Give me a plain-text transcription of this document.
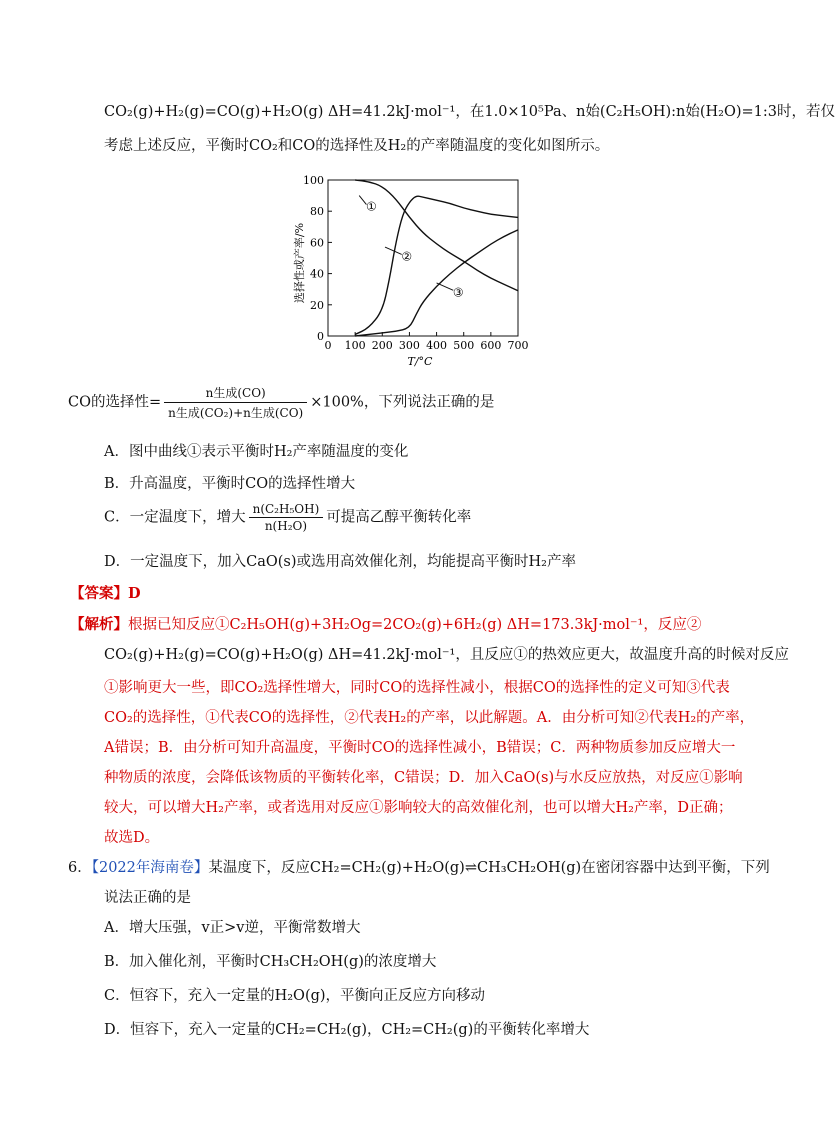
CO₂(g)+H₂(g)=CO(g)+H₂O(g) ΔH=41.2kJ·mol⁻¹，在1.0×10⁵Pa、n始(C₂H₅OH):n始(H₂O)=1:3时，若仅
考虑上述反应，平衡时CO₂和CO的选择性及H₂的产率随温度的变化如图所示。
0 100 200 300 400 500 600 700
0
20
40
60
80
100
①
②
③
T/°C
选择性或产率/%
CO的选择性= $\frac{\text{n生成(CO)}}{\text{n生成(CO₂)+n生成(CO)}} \times 100\%$，下列说法正确的是
A．图中曲线①表示平衡时H₂产率随温度的变化
B．升高温度，平衡时CO的选择性增大
C．一定温度下，增大 $\frac{\text{n(C₂H₅OH)}}{\text{n(H₂O)}}$ 可提高乙醇平衡转化率
D．一定温度下，加入CaO(s)或选用高效催化剂，均能提高平衡时H₂产率
【答案】D
【解析】根据已知反应①C₂H₅OH(g)+3H₂Og=2CO₂(g)+6H₂(g) ΔH=173.3kJ·mol⁻¹，反应②
CO₂(g)+H₂(g)=CO(g)+H₂O(g) ΔH=41.2kJ·mol⁻¹，且反应①的热效应更大，故温度升高的时候对反应
①影响更大一些，即CO₂选择性增大，同时CO的选择性减小，根据CO的选择性的定义可知③代表
CO₂的选择性，①代表CO的选择性，②代表H₂的产率，以此解题。A．由分析可知②代表H₂的产率，
A错误；B．由分析可知升高温度，平衡时CO的选择性减小，B错误；C．两种物质参加反应增大一
种物质的浓度，会降低该物质的平衡转化率，C错误；D．加入CaO(s)与水反应放热，对反应①影响
较大，可以增大H₂产率，或者选用对反应①影响较大的高效催化剂，也可以增大H₂产率，D正确；
故选D。
6．【2022年海南卷】某温度下，反应CH₂=CH₂(g)+H₂O(g)⇌CH₃CH₂OH(g)在密闭容器中达到平衡，下列
说法正确的是
A．增大压强，v正>v逆，平衡常数增大
B．加入催化剂，平衡时CH₃CH₂OH(g)的浓度增大
C．恒容下，充入一定量的H₂O(g)，平衡向正反应方向移动
D．恒容下，充入一定量的CH₂=CH₂(g)，CH₂=CH₂(g)的平衡转化率增大
